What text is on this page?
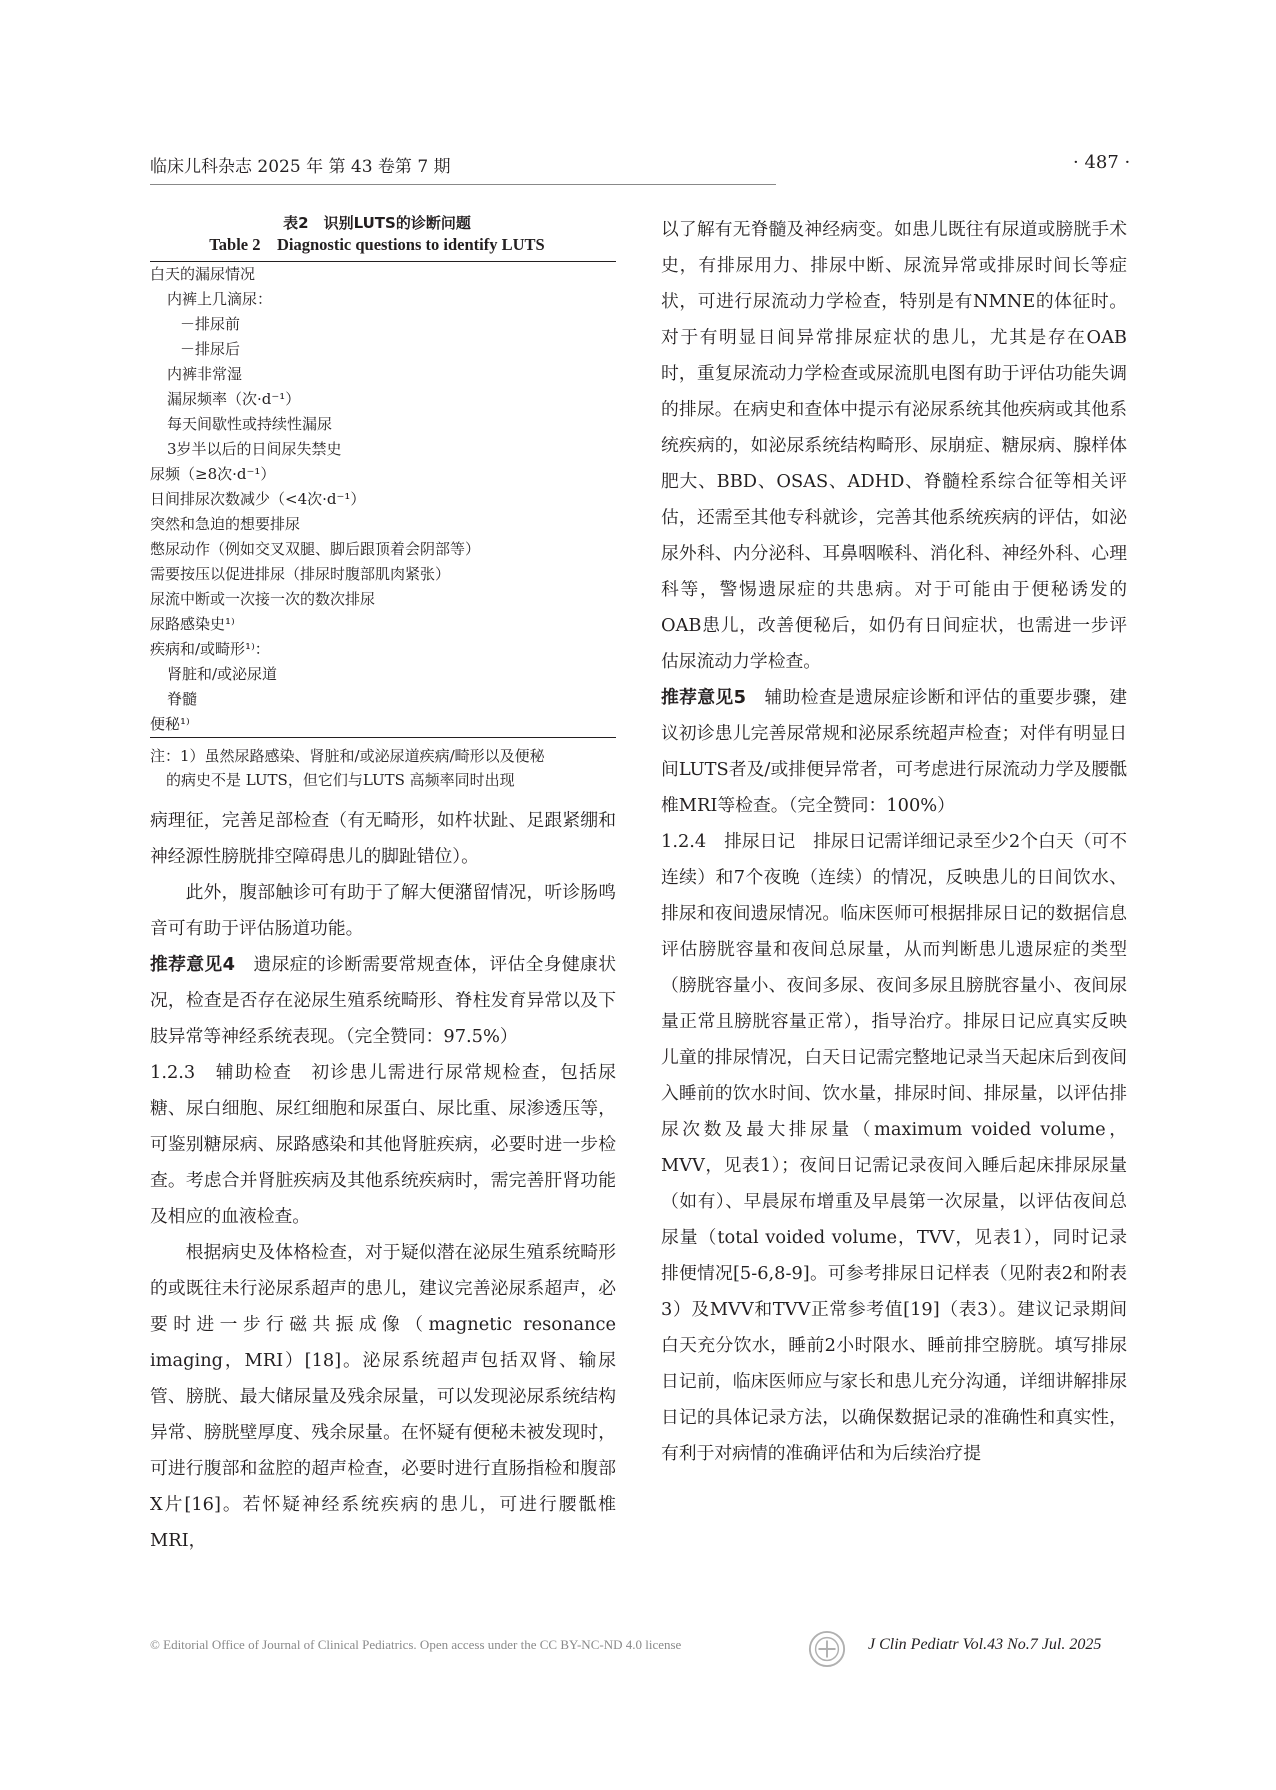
临床儿科杂志 2025 年 第 43 卷第 7 期	· 487 ·
表2　识别LUTS的诊断问题
Table 2　Diagnostic questions to identify LUTS
白天的漏尿情况
内裤上几滴尿：
－排尿前
－排尿后
内裤非常湿
漏尿频率（次·d⁻¹）
每天间歇性或持续性漏尿
3岁半以后的日间尿失禁史
尿频（≥8次·d⁻¹）
日间排尿次数减少（<4次·d⁻¹）
突然和急迫的想要排尿
憋尿动作（例如交叉双腿、脚后跟顶着会阴部等）
需要按压以促进排尿（排尿时腹部肌肉紧张）
尿流中断或一次接一次的数次排尿
尿路感染史¹⁾
疾病和/或畸形¹⁾：
肾脏和/或泌尿道
脊髓
便秘¹⁾
注：1）虽然尿路感染、肾脏和/或泌尿道疾病/畸形以及便秘
的病史不是 LUTS，但它们与LUTS 高频率同时出现

病理征，完善足部检查（有无畸形，如杵状趾、足跟紧绷和神经源性膀胱排空障碍患儿的脚趾错位）。

此外，腹部触诊可有助于了解大便潴留情况，听诊肠鸣音可有助于评估肠道功能。

推荐意见4　遗尿症的诊断需要常规查体，评估全身健康状况，检查是否存在泌尿生殖系统畸形、脊柱发育异常以及下肢异常等神经系统表现。（完全赞同：97.5%）

1.2.3　辅助检查　初诊患儿需进行尿常规检查，包括尿糖、尿白细胞、尿红细胞和尿蛋白、尿比重、尿渗透压等，可鉴别糖尿病、尿路感染和其他肾脏疾病，必要时进一步检查。考虑合并肾脏疾病及其他系统疾病时，需完善肝肾功能及相应的血液检查。

根据病史及体格检查，对于疑似潜在泌尿生殖系统畸形的或既往未行泌尿系超声的患儿，建议完善泌尿系超声，必要时进一步行磁共振成像（magnetic resonance imaging，MRI）[18]。泌尿系统超声包括双肾、输尿管、膀胱、最大储尿量及残余尿量，可以发现泌尿系统结构异常、膀胱壁厚度、残余尿量。在怀疑有便秘未被发现时，可进行腹部和盆腔的超声检查，必要时进行直肠指检和腹部X片[16]。若怀疑神经系统疾病的患儿，可进行腰骶椎MRI，

以了解有无脊髓及神经病变。如患儿既往有尿道或膀胱手术史，有排尿用力、排尿中断、尿流异常或排尿时间长等症状，可进行尿流动力学检查，特别是有NMNE的体征时。对于有明显日间异常排尿症状的患儿，尤其是存在OAB时，重复尿流动力学检查或尿流肌电图有助于评估功能失调的排尿。在病史和查体中提示有泌尿系统其他疾病或其他系统疾病的，如泌尿系统结构畸形、尿崩症、糖尿病、腺样体肥大、BBD、OSAS、ADHD、脊髓栓系综合征等相关评估，还需至其他专科就诊，完善其他系统疾病的评估，如泌尿外科、内分泌科、耳鼻咽喉科、消化科、神经外科、心理科等，警惕遗尿症的共患病。对于可能由于便秘诱发的OAB患儿，改善便秘后，如仍有日间症状，也需进一步评估尿流动力学检查。

推荐意见5　辅助检查是遗尿症诊断和评估的重要步骤，建议初诊患儿完善尿常规和泌尿系统超声检查；对伴有明显日间LUTS者及/或排便异常者，可考虑进行尿流动力学及腰骶椎MRI等检查。（完全赞同：100%）

1.2.4　排尿日记　排尿日记需详细记录至少2个白天（可不连续）和7个夜晚（连续）的情况，反映患儿的日间饮水、排尿和夜间遗尿情况。临床医师可根据排尿日记的数据信息评估膀胱容量和夜间总尿量，从而判断患儿遗尿症的类型（膀胱容量小、夜间多尿、夜间多尿且膀胱容量小、夜间尿量正常且膀胱容量正常），指导治疗。排尿日记应真实反映儿童的排尿情况，白天日记需完整地记录当天起床后到夜间入睡前的饮水时间、饮水量，排尿时间、排尿量，以评估排尿次数及最大排尿量（maximum voided volume，MVV，见表1）；夜间日记需记录夜间入睡后起床排尿尿量（如有）、早晨尿布增重及早晨第一次尿量，以评估夜间总尿量（total voided volume，TVV，见表1），同时记录排便情况[5-6,8-9]。可参考排尿日记样表（见附表2和附表3）及MVV和TVV正常参考值[19]（表3）。建议记录期间白天充分饮水，睡前2小时限水、睡前排空膀胱。填写排尿日记前，临床医师应与家长和患儿充分沟通，详细讲解排尿日记的具体记录方法，以确保数据记录的准确性和真实性，有利于对病情的准确评估和为后续治疗提

© Editorial Office of Journal of Clinical Pediatrics. Open access under the CC BY-NC-ND 4.0 license	J Clin Pediatr Vol.43 No.7 Jul. 2025
